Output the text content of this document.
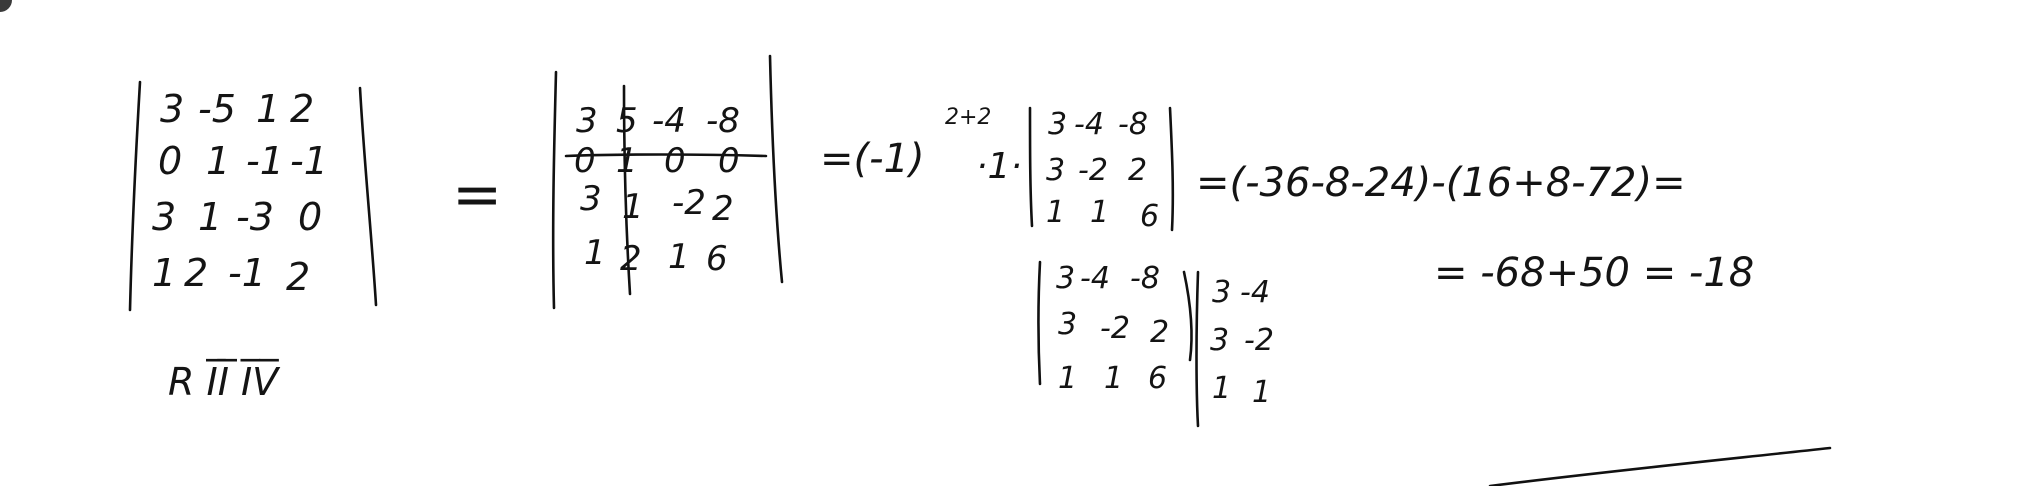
3 -5 1 2
0 1 -1 -1
3 1 -3 0
1 2 -1 2
R I̅I̅ I̅V̅
=
3 5 -4 -8
0 1 0 0
3 1 -2 2
1 2 1 6
=(-1)
2+2
·1·
3 -4 -8
3 -2 2
1 1 6
=(-36-8-24)-(16+8-72)=
= -68+50 = -18
3 -4 -8
3 -2 2
1 1 6
3 -4
3 -2
1 1
